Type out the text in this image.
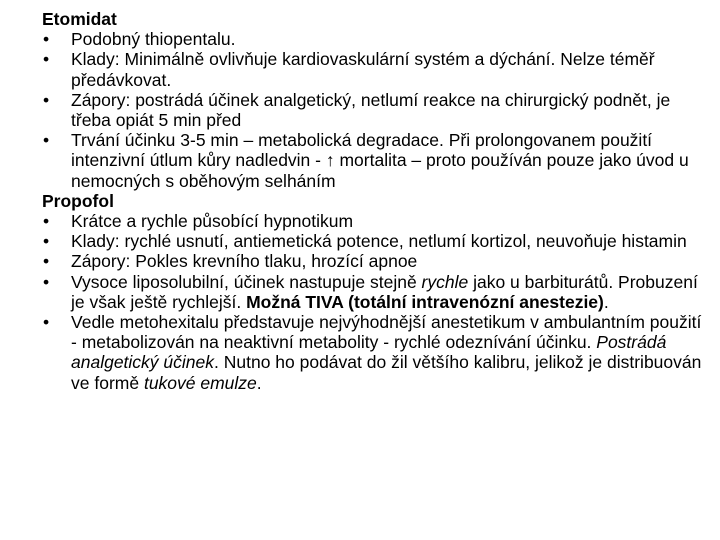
Etomidat

• Podobný thiopentalu.
• Klady: Minimálně ovlivňuje kardiovaskulární systém a dýchání. Nelze téměř předávkovat.
• Zápory: postrádá účinek analgetický, netlumí reakce na chirurgický podnět, je třeba opiát 5 min před
• Trvání účinku 3-5 min – metabolická degradace. Při prolongovanem použití intenzivní útlum kůry nadledvin - ↑ mortalita – proto používán pouze jako úvod u nemocných s oběhovým selháním

Propofol

• Krátce a rychle působící hypnotikum
• Klady: rychlé usnutí, antiemetická potence, netlumí kortizol, neuvoňuje histamin
• Zápory: Pokles krevního tlaku, hrozící apnoe
• Vysoce liposolubilní, účinek nastupuje stejně rychle jako u barbiturátů. Probuzení je však ještě rychlejší. Možná TIVA (totální intravenózní anestezie).
• Vedle metohexitalu představuje nejvýhodnější anestetikum v ambulantním použití - metabolizován na neaktivní metabolity - rychlé odeznívání účinku. Postrádá analgetický účinek. Nutno ho podávat do žil většího kalibru, jelikož je distribuován ve formě tukové emulze.
